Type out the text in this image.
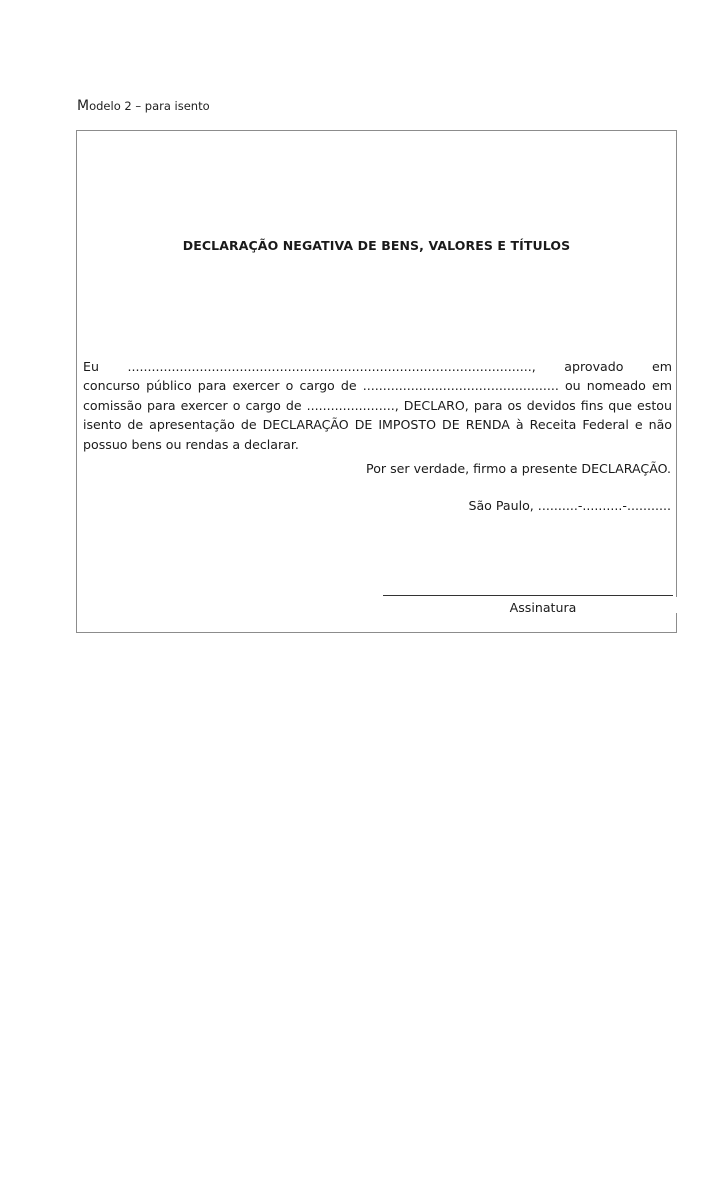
Modelo 2 – para isento
DECLARAÇÃO NEGATIVA DE BENS, VALORES E TÍTULOS
Eu ....................................................................................................., aprovado em
concurso público para exercer o cargo de ................................................. ou nomeado em
comissão para exercer o cargo de ......................, DECLARO, para os devidos fins que estou
isento de apresentação de DECLARAÇÃO DE IMPOSTO DE RENDA à Receita Federal e não
possuo bens ou rendas a declarar.
Por ser verdade, firmo a presente DECLARAÇÃO.
São Paulo, ..........-..........-...........
Assinatura
